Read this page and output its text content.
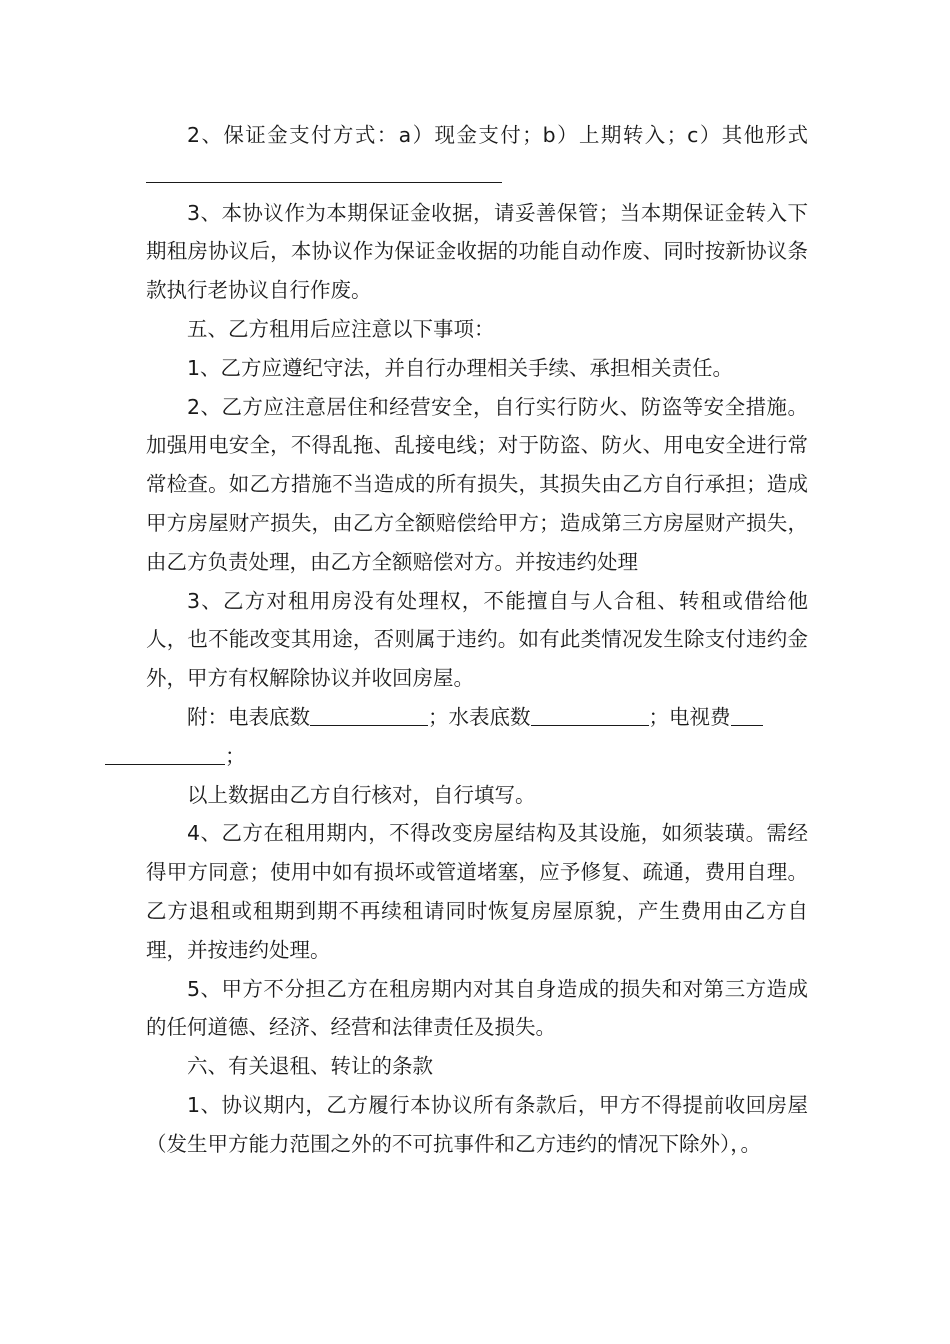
2、保证金支付方式：a）现金支付；b）上期转入；c）其他形式

3、本协议作为本期保证金收据，请妥善保管；当本期保证金转入下期租房协议后，本协议作为保证金收据的功能自动作废、同时按新协议条款执行老协议自行作废。

五、乙方租用后应注意以下事项：

1、乙方应遵纪守法，并自行办理相关手续、承担相关责任。

2、乙方应注意居住和经营安全，自行实行防火、防盗等安全措施。加强用电安全，不得乱拖、乱接电线；对于防盗、防火、用电安全进行常常检查。如乙方措施不当造成的所有损失，其损失由乙方自行承担；造成甲方房屋财产损失，由乙方全额赔偿给甲方；造成第三方房屋财产损失，由乙方负责处理，由乙方全额赔偿对方。并按违约处理

3、乙方对租用房没有处理权，不能擅自与人合租、转租或借给他人，也不能改变其用途，否则属于违约。如有此类情况发生除支付违约金外，甲方有权解除协议并收回房屋。

附：电表底数	；水表底数	；电视费
；

以上数据由乙方自行核对，自行填写。

4、乙方在租用期内，不得改变房屋结构及其设施，如须装璜。需经得甲方同意；使用中如有损坏或管道堵塞，应予修复、疏通，费用自理。乙方退租或租期到期不再续租请同时恢复房屋原貌，产生费用由乙方自理，并按违约处理。

5、甲方不分担乙方在租房期内对其自身造成的损失和对第三方造成的任何道德、经济、经营和法律责任及损失。

六、有关退租、转让的条款

1、协议期内，乙方履行本协议所有条款后，甲方不得提前收回房屋（发生甲方能力范围之外的不可抗事件和乙方违约的情况下除外），。
